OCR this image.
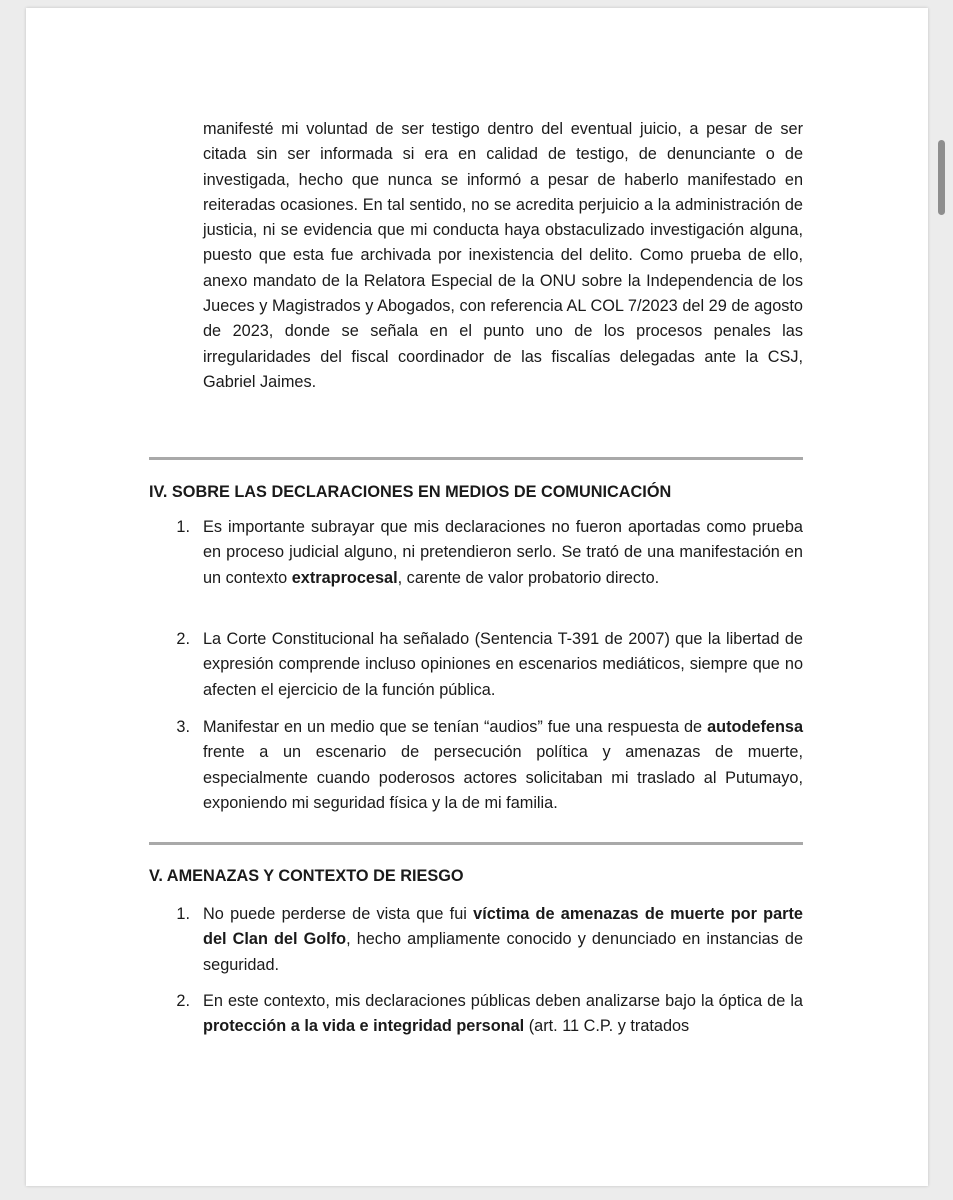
manifesté mi voluntad de ser testigo dentro del eventual juicio, a pesar de ser citada sin ser informada si era en calidad de testigo, de denunciante o de investigada, hecho que nunca se informó a pesar de haberlo manifestado en reiteradas ocasiones. En tal sentido, no se acredita perjuicio a la administración de justicia, ni se evidencia que mi conducta haya obstaculizado investigación alguna, puesto que esta fue archivada por inexistencia del delito. Como prueba de ello, anexo mandato de la Relatora Especial de la ONU sobre la Independencia de los Jueces y Magistrados y Abogados, con referencia AL COL 7/2023 del 29 de agosto de 2023, donde se señala en el punto uno de los procesos penales las irregularidades del fiscal coordinador de las fiscalías delegadas ante la CSJ, Gabriel Jaimes.

IV. SOBRE LAS DECLARACIONES EN MEDIOS DE COMUNICACIÓN
1. Es importante subrayar que mis declaraciones no fueron aportadas como prueba en proceso judicial alguno, ni pretendieron serlo. Se trató de una manifestación en un contexto extraprocesal, carente de valor probatorio directo.

2. La Corte Constitucional ha señalado (Sentencia T-391 de 2007) que la libertad de expresión comprende incluso opiniones en escenarios mediáticos, siempre que no afecten el ejercicio de la función pública.

3. Manifestar en un medio que se tenían “audios” fue una respuesta de autodefensa frente a un escenario de persecución política y amenazas de muerte, especialmente cuando poderosos actores solicitaban mi traslado al Putumayo, exponiendo mi seguridad física y la de mi familia.

V. AMENAZAS Y CONTEXTO DE RIESGO
1. No puede perderse de vista que fui víctima de amenazas de muerte por parte del Clan del Golfo, hecho ampliamente conocido y denunciado en instancias de seguridad.

2. En este contexto, mis declaraciones públicas deben analizarse bajo la óptica de la protección a la vida e integridad personal (art. 11 C.P. y tratados
